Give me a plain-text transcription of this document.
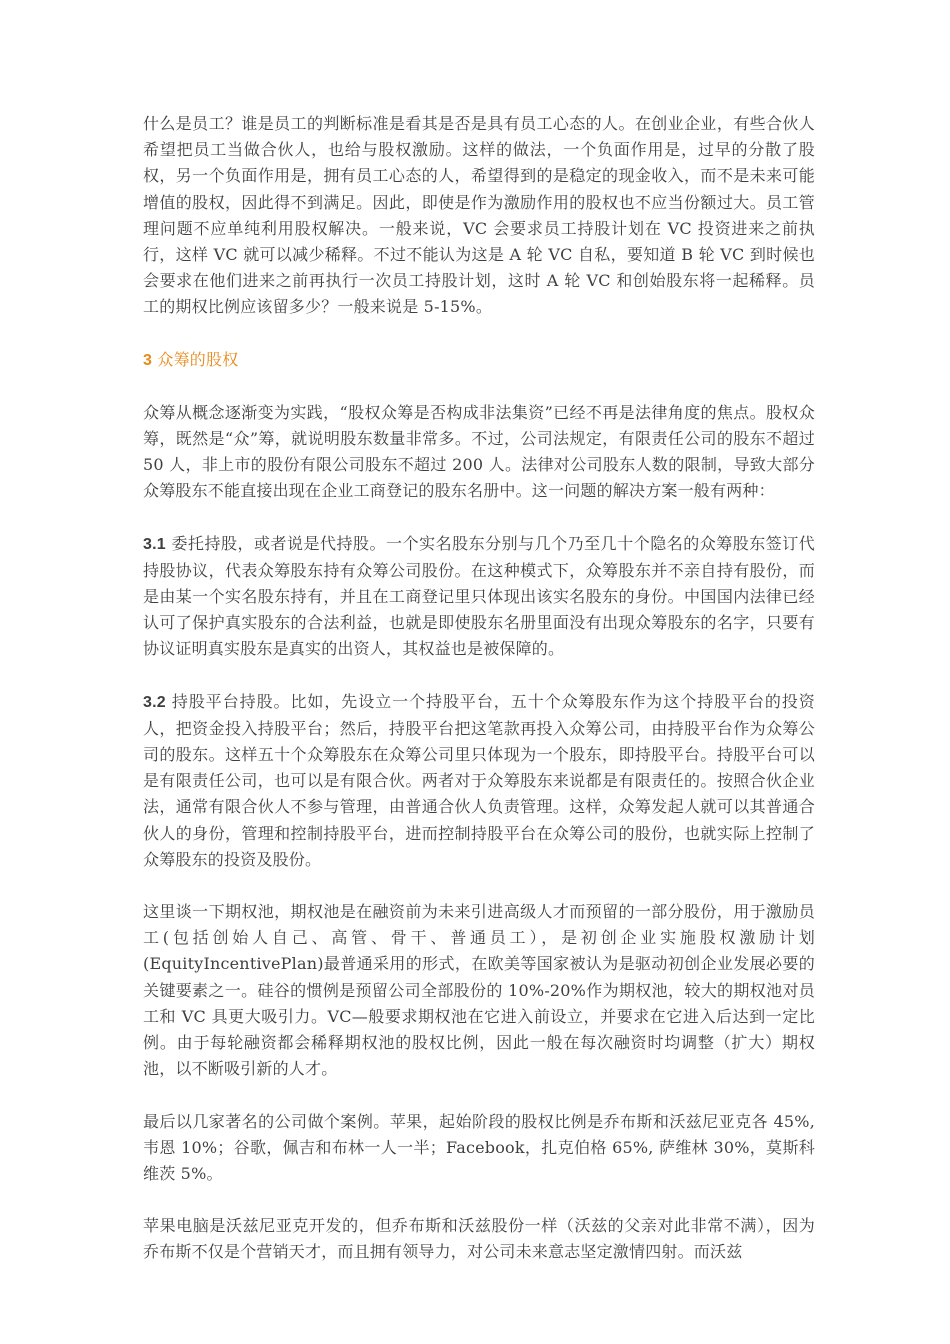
什么是员工？谁是员工的判断标准是看其是否是具有员工心态的人。在创业企业，有些合伙人希望把员工当做合伙人，也给与股权激励。这样的做法，一个负面作用是，过早的分散了股权，另一个负面作用是，拥有员工心态的人，希望得到的是稳定的现金收入，而不是未来可能增值的股权，因此得不到满足。因此，即使是作为激励作用的股权也不应当份额过大。员工管理问题不应单纯利用股权解决。一般来说，VC 会要求员工持股计划在 VC 投资进来之前执行，这样 VC 就可以减少稀释。不过不能认为这是 A 轮 VC 自私，要知道 B 轮 VC 到时候也会要求在他们进来之前再执行一次员工持股计划，这时 A 轮 VC 和创始股东将一起稀释。员工的期权比例应该留多少？一般来说是 5-15%。

3 众筹的股权

众筹从概念逐渐变为实践，“股权众筹是否构成非法集资”已经不再是法律角度的焦点。股权众筹，既然是“众”筹，就说明股东数量非常多。不过，公司法规定，有限责任公司的股东不超过 50 人，非上市的股份有限公司股东不超过 200 人。法律对公司股东人数的限制，导致大部分众筹股东不能直接出现在企业工商登记的股东名册中。这一问题的解决方案一般有两种：

3.1 委托持股，或者说是代持股。一个实名股东分别与几个乃至几十个隐名的众筹股东签订代持股协议，代表众筹股东持有众筹公司股份。在这种模式下，众筹股东并不亲自持有股份，而是由某一个实名股东持有，并且在工商登记里只体现出该实名股东的身份。中国国内法律已经认可了保护真实股东的合法利益，也就是即使股东名册里面没有出现众筹股东的名字，只要有协议证明真实股东是真实的出资人，其权益也是被保障的。

3.2 持股平台持股。比如，先设立一个持股平台，五十个众筹股东作为这个持股平台的投资人，把资金投入持股平台；然后，持股平台把这笔款再投入众筹公司，由持股平台作为众筹公司的股东。这样五十个众筹股东在众筹公司里只体现为一个股东，即持股平台。持股平台可以是有限责任公司，也可以是有限合伙。两者对于众筹股东来说都是有限责任的。按照合伙企业法，通常有限合伙人不参与管理，由普通合伙人负责管理。这样，众筹发起人就可以其普通合伙人的身份，管理和控制持股平台，进而控制持股平台在众筹公司的股份，也就实际上控制了众筹股东的投资及股份。

这里谈一下期权池，期权池是在融资前为未来引进高级人才而预留的一部分股份，用于激励员工(包括创始人自己、高管、骨干、普通员工），是初创企业实施股权激励计划(EquityIncentivePlan)最普通采用的形式，在欧美等国家被认为是驱动初创企业发展必要的关键要素之一。硅谷的惯例是预留公司全部股份的 10%-20%作为期权池，较大的期权池对员工和 VC 具更大吸引力。VC—般要求期权池在它进入前设立，并要求在它进入后达到一定比例。由于每轮融资都会稀释期权池的股权比例，因此一般在每次融资时均调整（扩大）期权池，以不断吸引新的人才。

最后以几家著名的公司做个案例。苹果，起始阶段的股权比例是乔布斯和沃兹尼亚克各 45%, 韦恩 10%；谷歌，佩吉和布林一人一半；Facebook，扎克伯格 65%, 萨维林 30%，莫斯科维茨 5%。

苹果电脑是沃兹尼亚克开发的，但乔布斯和沃兹股份一样（沃兹的父亲对此非常不满），因为乔布斯不仅是个营销天才，而且拥有领导力，对公司未来意志坚定激情四射。而沃兹
